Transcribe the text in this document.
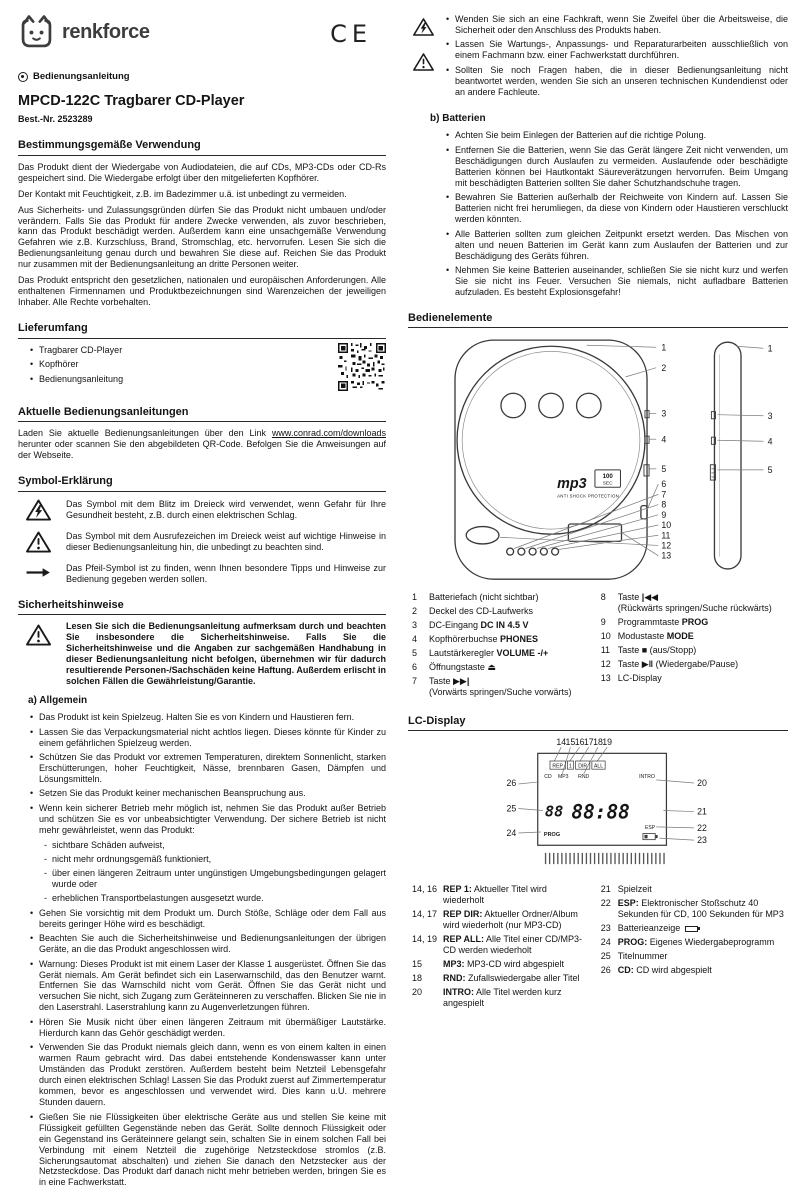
renkforce	CE
Bedienungsanleitung
MPCD-122C Tragbarer CD-Player
Best.-Nr. 2523289
Bestimmungsgemäße Verwendung

Das Produkt dient der Wiedergabe von Audiodateien, die auf CDs, MP3-CDs oder CD-Rs gespeichert sind. Die Wiedergabe erfolgt über den mitgelieferten Kopfhörer.

Der Kontakt mit Feuchtigkeit, z.B. im Badezimmer u.ä. ist unbedingt zu vermeiden.

Aus Sicherheits- und Zulassungsgründen dürfen Sie das Produkt nicht umbauen und/oder verändern. Falls Sie das Produkt für andere Zwecke verwenden, als zuvor beschrieben, kann das Produkt beschädigt werden. Außerdem kann eine unsachgemäße Verwendung Gefahren wie z.B. Kurzschluss, Brand, Stromschlag, etc. hervorrufen. Lesen Sie sich die Bedienungsanleitung genau durch und bewahren Sie diese auf. Reichen Sie das Produkt nur zusammen mit der Bedienungsanleitung an dritte Personen weiter.

Das Produkt entspricht den gesetzlichen, nationalen und europäischen Anforderungen. Alle enthaltenen Firmennamen und Produktbezeichnungen sind Warenzeichen der jeweiligen Inhaber. Alle Rechte vorbehalten.

Lieferumfang
• Tragbarer CD-Player
• Kopfhörer
• Bedienungsanleitung
Aktuelle Bedienungsanleitungen

Laden Sie aktuelle Bedienungsanleitungen über den Link www.conrad.com/downloads herunter oder scannen Sie den abgebildeten QR-Code. Befolgen Sie die Anweisungen auf der Webseite.

Symbol-Erklärung

Das Symbol mit dem Blitz im Dreieck wird verwendet, wenn Gefahr für Ihre Gesundheit besteht, z.B. durch einen elektrischen Schlag.

Das Symbol mit dem Ausrufezeichen im Dreieck weist auf wichtige Hinweise in dieser Bedienungsanleitung hin, die unbedingt zu beachten sind.

Das Pfeil-Symbol ist zu finden, wenn Ihnen besondere Tipps und Hinweise zur Bedienung gegeben werden sollen.

Sicherheitshinweise

Lesen Sie sich die Bedienungsanleitung aufmerksam durch und beachten Sie insbesondere die Sicherheitshinweise. Falls Sie die Sicherheitshinweise und die Angaben zur sachgemäßen Handhabung in dieser Bedienungsanleitung nicht befolgen, übernehmen wir für dadurch resultierende Personen-/Sachschäden keine Haftung. Außerdem erlischt in solchen Fällen die Gewährleistung/Garantie.

a) Allgemein
• Das Produkt ist kein Spielzeug. Halten Sie es von Kindern und Haustieren fern.
• Lassen Sie das Verpackungsmaterial nicht achtlos liegen. Dieses könnte für Kinder zu einem gefährlichen Spielzeug werden.
• Schützen Sie das Produkt vor extremen Temperaturen, direktem Sonnenlicht, starken Erschütterungen, hoher Feuchtigkeit, Nässe, brennbaren Gasen, Dämpfen und Lösungsmitteln.
• Setzen Sie das Produkt keiner mechanischen Beanspruchung aus.
• Wenn kein sicherer Betrieb mehr möglich ist, nehmen Sie das Produkt außer Betrieb und schützen Sie es vor unbeabsichtigter Verwendung. Der sichere Betrieb ist nicht mehr gewährleistet, wenn das Produkt:
- sichtbare Schäden aufweist,
- nicht mehr ordnungsgemäß funktioniert,
- über einen längeren Zeitraum unter ungünstigen Umgebungsbedingungen gelagert wurde oder
- erheblichen Transportbelastungen ausgesetzt wurde.
• Gehen Sie vorsichtig mit dem Produkt um. Durch Stöße, Schläge oder dem Fall aus bereits geringer Höhe wird es beschädigt.
• Beachten Sie auch die Sicherheitshinweise und Bedienungsanleitungen der übrigen Geräte, an die das Produkt angeschlossen wird.
• Warnung: Dieses Produkt ist mit einem Laser der Klasse 1 ausgerüstet. Öffnen Sie das Gerät niemals. Am Gerät befindet sich ein Laserwarnschild, das den Benutzer warnt. Entfernen Sie das Warnschild nicht vom Gerät. Öffnen Sie das Gerät nicht und versuchen Sie nicht, sich Zugang zum Geräteinneren zu verschaffen. Blicken Sie nie in den Laserstrahl. Laserstrahlung kann zu Augenverletzungen führen.
• Hören Sie Musik nicht über einen längeren Zeitraum mit übermäßiger Lautstärke. Hierdurch kann das Gehör geschädigt werden.
• Verwenden Sie das Produkt niemals gleich dann, wenn es von einem kalten in einen warmen Raum gebracht wird. Das dabei entstehende Kondenswasser kann unter Umständen das Produkt zerstören. Außerdem besteht beim Netzteil Lebensgefahr durch einen elektrischen Schlag! Lassen Sie das Produkt zuerst auf Zimmertemperatur kommen, bevor es angeschlossen und verwendet wird. Dies kann u.U. mehrere Stunden dauern.
• Gießen Sie nie Flüssigkeiten über elektrische Geräte aus und stellen Sie keine mit Flüssigkeit gefüllten Gegenstände neben das Gerät. Sollte dennoch Flüssigkeit oder ein Gegenstand ins Geräteinnere gelangt sein, schalten Sie in einem solchen Fall bei Verbindung mit einem Netzteil die zugehörige Netzsteckdose stromlos (z.B. Sicherungsautomat abschalten) und ziehen Sie danach den Netzstecker aus der Netzsteckdose. Das Produkt darf danach nicht mehr betrieben werden, bringen Sie es in eine Fachwerkstatt.
• Wenden Sie sich an eine Fachkraft, wenn Sie Zweifel über die Arbeitsweise, die Sicherheit oder den Anschluss des Produkts haben.
• Lassen Sie Wartungs-, Anpassungs- und Reparaturarbeiten ausschließlich von einem Fachmann bzw. einer Fachwerkstatt durchführen.
• Sollten Sie noch Fragen haben, die in dieser Bedienungsanleitung nicht beantwortet werden, wenden Sie sich an unseren technischen Kundendienst oder an andere Fachleute.
b) Batterien
• Achten Sie beim Einlegen der Batterien auf die richtige Polung.
• Entfernen Sie die Batterien, wenn Sie das Gerät längere Zeit nicht verwenden, um Beschädigungen durch Auslaufen zu vermeiden. Auslaufende oder beschädigte Batterien können bei Hautkontakt Säureverätzungen hervorrufen. Beim Umgang mit beschädigten Batterien sollten Sie daher Schutzhandschuhe tragen.
• Bewahren Sie Batterien außerhalb der Reichweite von Kindern auf. Lassen Sie Batterien nicht frei herumliegen, da diese von Kindern oder Haustieren verschluckt werden könnten.
• Alle Batterien sollten zum gleichen Zeitpunkt ersetzt werden. Das Mischen von alten und neuen Batterien im Gerät kann zum Auslaufen der Batterien und zur Beschädigung des Geräts führen.
• Nehmen Sie keine Batterien auseinander, schließen Sie sie nicht kurz und werfen Sie sie nicht ins Feuer. Versuchen Sie niemals, nicht aufladbare Batterien aufzuladen. Es besteht Explosionsgefahr!
Bedienelemente
mp3	100
SEC
ANTI SHOCK PROTECTION
1
2
3
4
5
6
7
8
9
10
11
12
13
1
3
4
5
1	Batteriefach (nicht sichtbar)
2	Deckel des CD-Laufwerks
3	DC-Eingang DC IN 4.5 V
4	Kopfhörerbuchse PHONES
5	Lautstärkeregler VOLUME -/+
6	Öffnungstaste ⏏
7	Taste ▶▶|
(Vorwärts springen/Suche vorwärts)
8	Taste |◀◀
(Rückwärts springen/Suche rückwärts)
9	Programmtaste PROG
10 Modustaste MODE
11 Taste ■ (aus/Stopp)
12 Taste ▶‖ (Wiedergabe/Pause)
13 LC-Display
LC-Display
14 15 16 17 18 19
26
25
24
20
21
22
23
REP 1 DIR ALL
CD MP3 RND	INTRO
ESP
PROG
88 88:88
14, 16 REP 1: Aktueller Titel wird wiederholt
14, 17 REP DIR: Aktueller Ordner/Album wird wiederholt (nur MP3-CD)
14, 19 REP ALL: Alle Titel einer CD/MP3-CD werden wiederholt
15	MP3: MP3-CD wird abgespielt
18	RND: Zufallswiedergabe aller Titel
20	INTRO: Alle Titel werden kurz angespielt
21 Spielzeit
22 ESP: Elektronischer Stoßschutz 40 Sekunden für CD, 100 Sekunden für MP3
23 Batterieanzeige
24 PROG: Eigenes Wiedergabeprogramm
25 Titelnummer
26 CD: CD wird abgespielt
